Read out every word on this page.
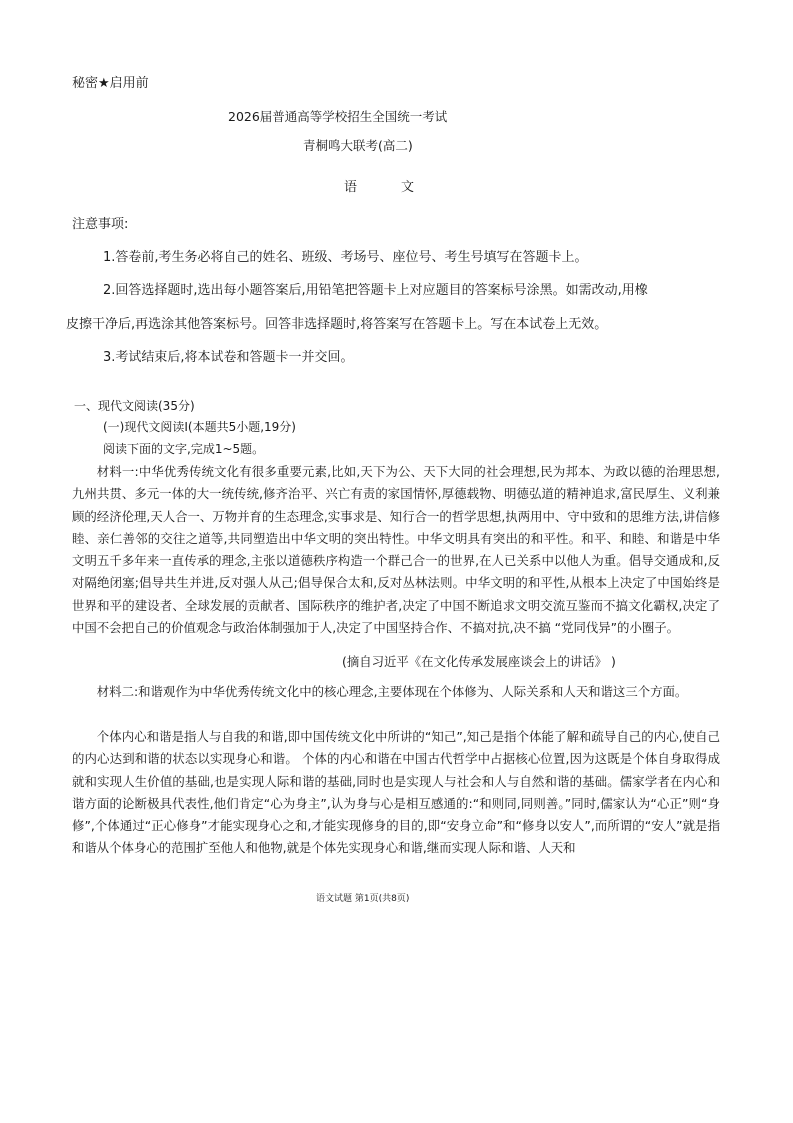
秘密★启用前
2026届普通高等学校招生全国统一考试
青桐鸣大联考(高二)
语	文
注意事项:
1.答卷前,考生务必将自己的姓名、班级、考场号、座位号、考生号填写在答题卡上。
2.回答选择题时,选出每小题答案后,用铅笔把答题卡上对应题目的答案标号涂黑。如需改动,用橡
皮擦干净后,再选涂其他答案标号。回答非选择题时,将答案写在答题卡上。写在本试卷上无效。
3.考试结束后,将本试卷和答题卡一并交回。
一、现代文阅读(35分)
(一)现代文阅读Ⅰ(本题共5小题,19分)
阅读下面的文字,完成1~5题。

材料一:中华优秀传统文化有很多重要元素,比如,天下为公、天下大同的社会理想,民为邦本、为政以德的治理思想,九州共贯、多元一体的大一统传统,修齐治平、兴亡有责的家国情怀,厚德载物、明德弘道的精神追求,富民厚生、义利兼顾的经济伦理,天人合一、万物并育的生态理念,实事求是、知行合一的哲学思想,执两用中、守中致和的思维方法,讲信修睦、亲仁善邻的交往之道等,共同塑造出中华文明的突出特性。中华文明具有突出的和平性。和平、和睦、和谐是中华文明五千多年来一直传承的理念,主张以道德秩序构造一个群己合一的世界,在人已关系中以他人为重。倡导交通成和,反对隔绝闭塞;倡导共生并进,反对强人从己;倡导保合太和,反对丛林法则。中华文明的和平性,从根本上决定了中国始终是世界和平的建设者、全球发展的贡献者、国际秩序的维护者,决定了中国不断追求文明交流互鉴而不搞文化霸权,决定了中国不会把自己的价值观念与政治体制强加于人,决定了中国坚持合作、不搞对抗,决不搞 “党同伐异”的小圈子。

(摘自习近平《在文化传承发展座谈会上的讲话》 )

材料二:和谐观作为中华优秀传统文化中的核心理念,主要体现在个体修为、人际关系和人天和谐这三个方面。

个体内心和谐是指人与自我的和谐,即中国传统文化中所讲的“知己”,知己是指个体能了解和疏导自己的内心,使自己的内心达到和谐的状态以实现身心和谐。 个体的内心和谐在中国古代哲学中占据核心位置,因为这既是个体自身取得成就和实现人生价值的基础,也是实现人际和谐的基础,同时也是实现人与社会和人与自然和谐的基础。儒家学者在内心和谐方面的论断极具代表性,他们肯定“心为身主”,认为身与心是相互感通的:“和则同,同则善。”同时,儒家认为“心正”则“身修”,个体通过“正心修身”才能实现身心之和,才能实现修身的目的,即“安身立命”和“修身以安人”,而所谓的“安人”就是指和谐从个体身心的范围扩至他人和他物,就是个体先实现身心和谐,继而实现人际和谐、人天和

语文试题 第1页(共8页)
